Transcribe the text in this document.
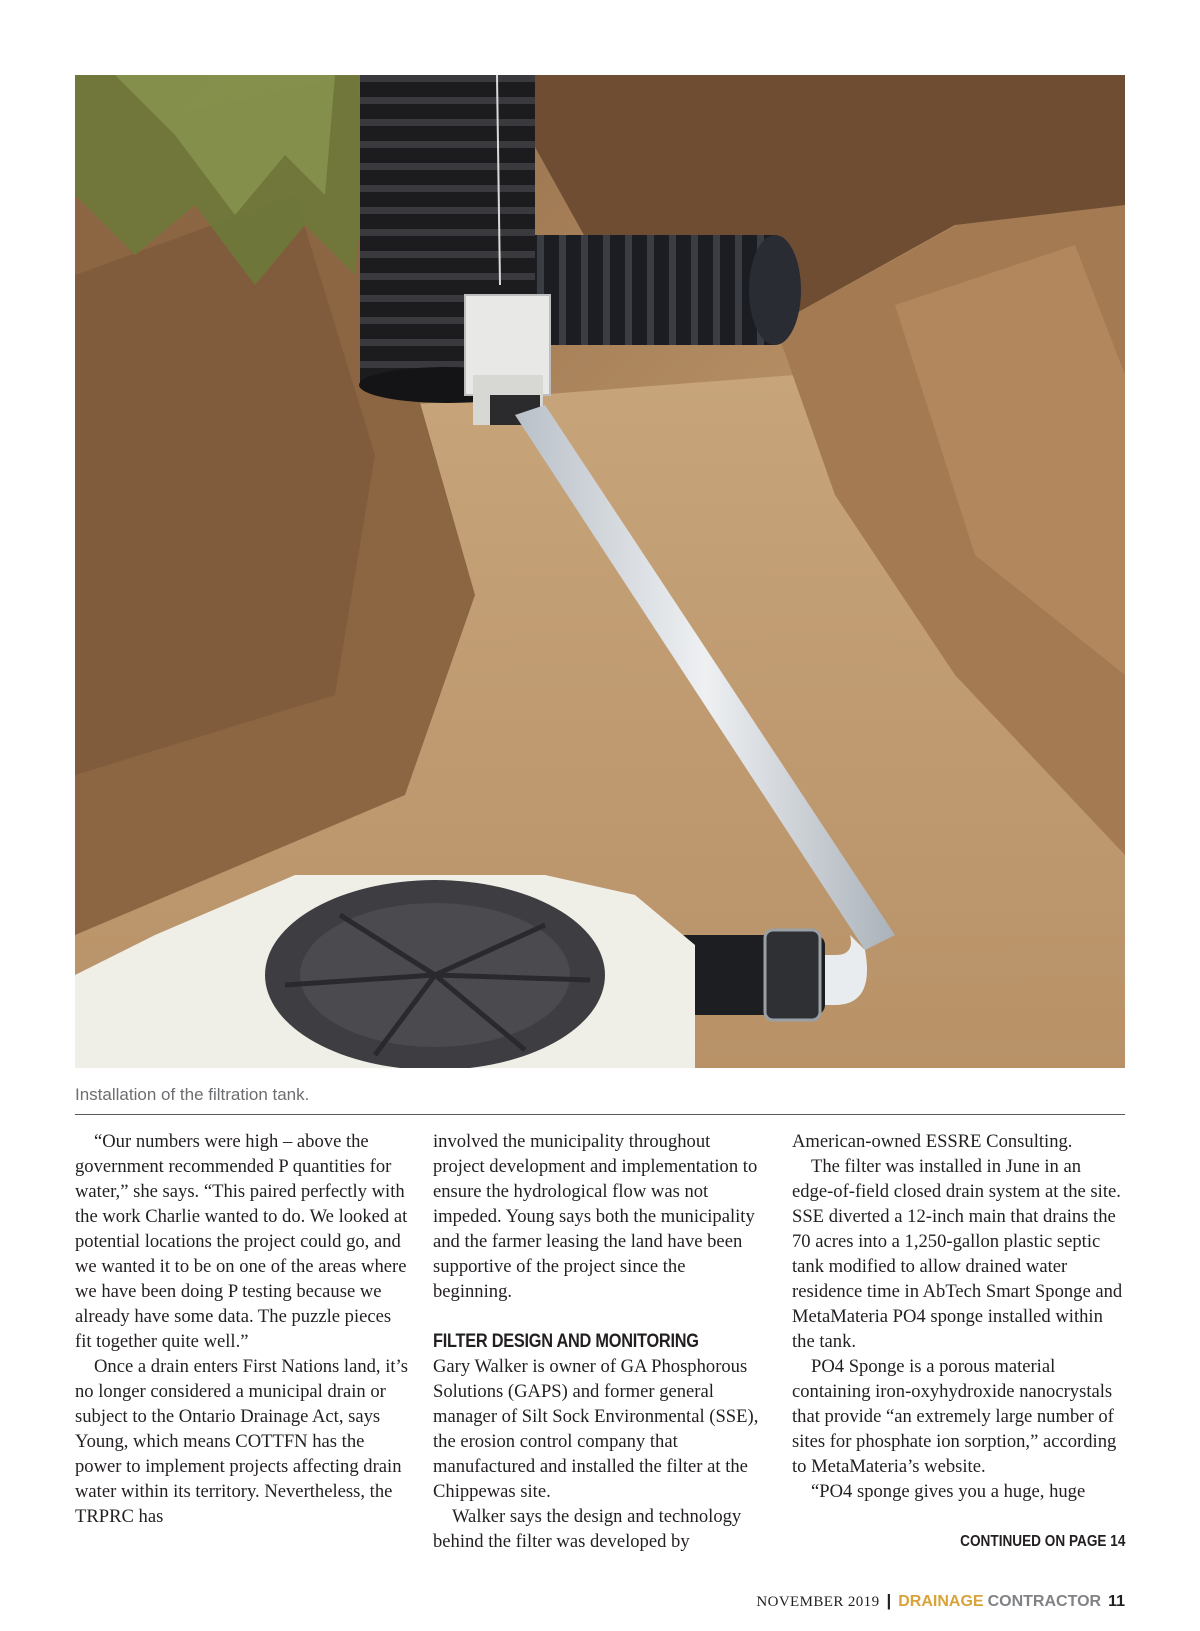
Installation of the filtration tank.

“Our numbers were high – above the government recommended P quantities for water,” she says. “This paired perfectly with the work Charlie wanted to do. We looked at potential locations the project could go, and we wanted it to be on one of the areas where we have been doing P testing because we already have some data. The puzzle pieces fit together quite well.”

Once a drain enters First Nations land, it’s no longer considered a municipal drain or subject to the Ontario Drainage Act, says Young, which means COTTFN has the power to implement projects affecting drain water within its territory. Nevertheless, the TRPRC has

involved the municipality throughout project development and implementation to ensure the hydrological flow was not impeded. Young says both the municipality and the farmer leasing the land have been supportive of the project since the beginning.

FILTER DESIGN AND MONITORING

Gary Walker is owner of GA Phosphorous Solutions (GAPS) and former general manager of Silt Sock Environmental (SSE), the erosion control company that manufactured and installed the filter at the Chippewas site.

Walker says the design and technology behind the filter was developed by

American-owned ESSRE Consulting.

The filter was installed in June in an edge-of-field closed drain system at the site. SSE diverted a 12-inch main that drains the 70 acres into a 1,250-gallon plastic septic tank modified to allow drained water residence time in AbTech Smart Sponge and MetaMateria PO4 sponge installed within the tank.

PO4 Sponge is a porous material containing iron-oxyhydroxide nanocrystals that provide “an extremely large number of sites for phosphate ion sorption,” according to MetaMateria’s website.

“PO4 sponge gives you a huge, huge

CONTINUED ON PAGE 14
NOVEMBER 2019 | DRAINAGE CONTRACTOR 11
